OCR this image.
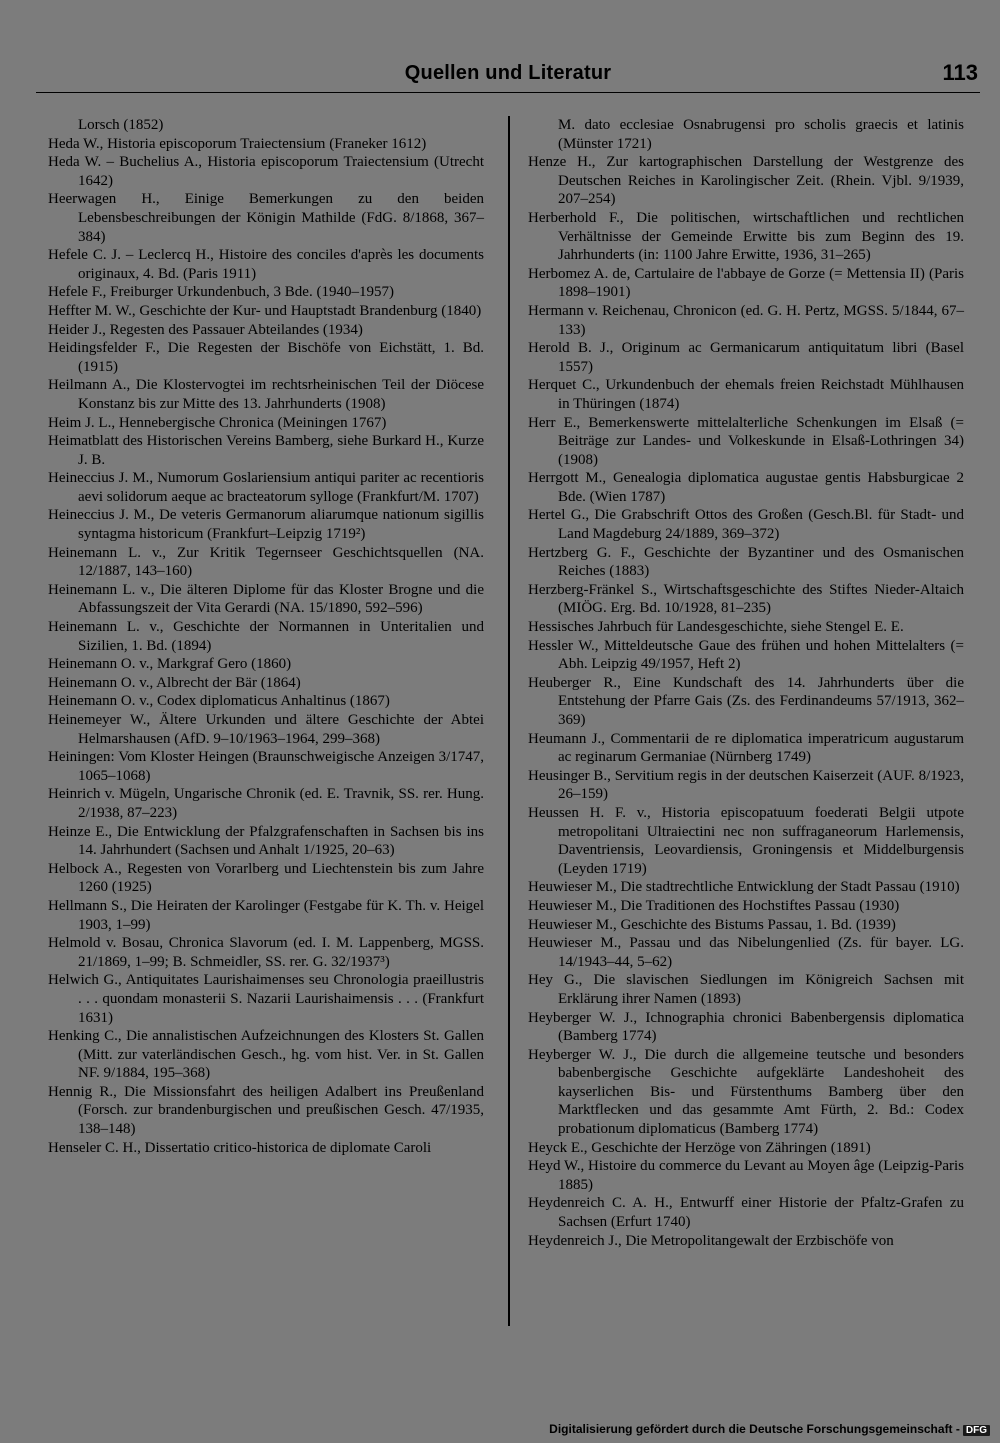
Quellen und Literatur	113

Lorsch (1852)

Heda W., Historia episcoporum Traiectensium (Franeker 1612)

Heda W. – Buchelius A., Historia episcoporum Traiectensium (Utrecht 1642)

Heerwagen H., Einige Bemerkungen zu den beiden Lebensbeschreibungen der Königin Mathilde (FdG. 8/1868, 367–384)

Hefele C. J. – Leclercq H., Histoire des conciles d'après les documents originaux, 4. Bd. (Paris 1911)

Hefele F., Freiburger Urkundenbuch, 3 Bde. (1940–1957)

Heffter M. W., Geschichte der Kur- und Hauptstadt Brandenburg (1840)

Heider J., Regesten des Passauer Abteilandes (1934)

Heidingsfelder F., Die Regesten der Bischöfe von Eichstätt, 1. Bd. (1915)

Heilmann A., Die Klostervogtei im rechtsrheinischen Teil der Diöcese Konstanz bis zur Mitte des 13. Jahrhunderts (1908)

Heim J. L., Hennebergische Chronica (Meiningen 1767)

Heimatblatt des Historischen Vereins Bamberg, siehe Burkard H., Kurze J. B.

Heineccius J. M., Numorum Goslariensium antiqui pariter ac recentioris aevi solidorum aeque ac bracteatorum sylloge (Frankfurt/M. 1707)

Heineccius J. M., De veteris Germanorum aliarumque nationum sigillis syntagma historicum (Frankfurt–Leipzig 1719²)

Heinemann L. v., Zur Kritik Tegernseer Geschichtsquellen (NA. 12/1887, 143–160)

Heinemann L. v., Die älteren Diplome für das Kloster Brogne und die Abfassungszeit der Vita Gerardi (NA. 15/1890, 592–596)

Heinemann L. v., Geschichte der Normannen in Unteritalien und Sizilien, 1. Bd. (1894)

Heinemann O. v., Markgraf Gero (1860)

Heinemann O. v., Albrecht der Bär (1864)

Heinemann O. v., Codex diplomaticus Anhaltinus (1867)

Heinemeyer W., Ältere Urkunden und ältere Geschichte der Abtei Helmarshausen (AfD. 9–10/1963–1964, 299–368)

Heiningen: Vom Kloster Heingen (Braunschweigische Anzeigen 3/1747, 1065–1068)

Heinrich v. Mügeln, Ungarische Chronik (ed. E. Travnik, SS. rer. Hung. 2/1938, 87–223)

Heinze E., Die Entwicklung der Pfalzgrafenschaften in Sachsen bis ins 14. Jahrhundert (Sachsen und Anhalt 1/1925, 20–63)

Helbock A., Regesten von Vorarlberg und Liechtenstein bis zum Jahre 1260 (1925)

Hellmann S., Die Heiraten der Karolinger (Festgabe für K. Th. v. Heigel 1903, 1–99)

Helmold v. Bosau, Chronica Slavorum (ed. I. M. Lappenberg, MGSS. 21/1869, 1–99; B. Schmeidler, SS. rer. G. 32/1937³)

Helwich G., Antiquitates Laurishaimenses seu Chronologia praeillustris . . . quondam monasterii S. Nazarii Laurishaimensis . . . (Frankfurt 1631)

Henking C., Die annalistischen Aufzeichnungen des Klosters St. Gallen (Mitt. zur vaterländischen Gesch., hg. vom hist. Ver. in St. Gallen NF. 9/1884, 195–368)

Hennig R., Die Missionsfahrt des heiligen Adalbert ins Preußenland (Forsch. zur brandenburgischen und preußischen Gesch. 47/1935, 138–148)

Henseler C. H., Dissertatio critico-historica de diplomate Caroli

M. dato ecclesiae Osnabrugensi pro scholis graecis et latinis (Münster 1721)

Henze H., Zur kartographischen Darstellung der Westgrenze des Deutschen Reiches in Karolingischer Zeit. (Rhein. Vjbl. 9/1939, 207–254)

Herberhold F., Die politischen, wirtschaftlichen und rechtlichen Verhältnisse der Gemeinde Erwitte bis zum Beginn des 19. Jahrhunderts (in: 1100 Jahre Erwitte, 1936, 31–265)

Herbomez A. de, Cartulaire de l'abbaye de Gorze (= Mettensia II) (Paris 1898–1901)

Hermann v. Reichenau, Chronicon (ed. G. H. Pertz, MGSS. 5/1844, 67–133)

Herold B. J., Originum ac Germanicarum antiquitatum libri (Basel 1557)

Herquet C., Urkundenbuch der ehemals freien Reichstadt Mühlhausen in Thüringen (1874)

Herr E., Bemerkenswerte mittelalterliche Schenkungen im Elsaß (= Beiträge zur Landes- und Volkeskunde in Elsaß-Lothringen 34) (1908)

Herrgott M., Genealogia diplomatica augustae gentis Habsburgicae 2 Bde. (Wien 1787)

Hertel G., Die Grabschrift Ottos des Großen (Gesch.Bl. für Stadt- und Land Magdeburg 24/1889, 369–372)

Hertzberg G. F., Geschichte der Byzantiner und des Osmanischen Reiches (1883)

Herzberg-Fränkel S., Wirtschaftsgeschichte des Stiftes Nieder-Altaich (MIÖG. Erg. Bd. 10/1928, 81–235)

Hessisches Jahrbuch für Landesgeschichte, siehe Stengel E. E.

Hessler W., Mitteldeutsche Gaue des frühen und hohen Mittelalters (= Abh. Leipzig 49/1957, Heft 2)

Heuberger R., Eine Kundschaft des 14. Jahrhunderts über die Entstehung der Pfarre Gais (Zs. des Ferdinandeums 57/1913, 362–369)

Heumann J., Commentarii de re diplomatica imperatricum augustarum ac reginarum Germaniae (Nürnberg 1749)

Heusinger B., Servitium regis in der deutschen Kaiserzeit (AUF. 8/1923, 26–159)

Heussen H. F. v., Historia episcopatuum foederati Belgii utpote metropolitani Ultraiectini nec non suffraganeorum Harlemensis, Daventriensis, Leovardiensis, Groningensis et Middelburgensis (Leyden 1719)

Heuwieser M., Die stadtrechtliche Entwicklung der Stadt Passau (1910)

Heuwieser M., Die Traditionen des Hochstiftes Passau (1930)

Heuwieser M., Geschichte des Bistums Passau, 1. Bd. (1939)

Heuwieser M., Passau und das Nibelungenlied (Zs. für bayer. LG. 14/1943–44, 5–62)

Hey G., Die slavischen Siedlungen im Königreich Sachsen mit Erklärung ihrer Namen (1893)

Heyberger W. J., Ichnographia chronici Babenbergensis diplomatica (Bamberg 1774)

Heyberger W. J., Die durch die allgemeine teutsche und besonders babenbergische Geschichte aufgeklärte Landeshoheit des kayserlichen Bis- und Fürstenthums Bamberg über den Marktflecken und das gesammte Amt Fürth, 2. Bd.: Codex probationum diplomaticus (Bamberg 1774)

Heyck E., Geschichte der Herzöge von Zähringen (1891)

Heyd W., Histoire du commerce du Levant au Moyen âge (Leipzig-Paris 1885)

Heydenreich C. A. H., Entwurff einer Historie der Pfaltz-Grafen zu Sachsen (Erfurt 1740)

Heydenreich J., Die Metropolitangewalt der Erzbischöfe von

Digitalisierung gefördert durch die Deutsche Forschungsgemeinschaft - DFG
